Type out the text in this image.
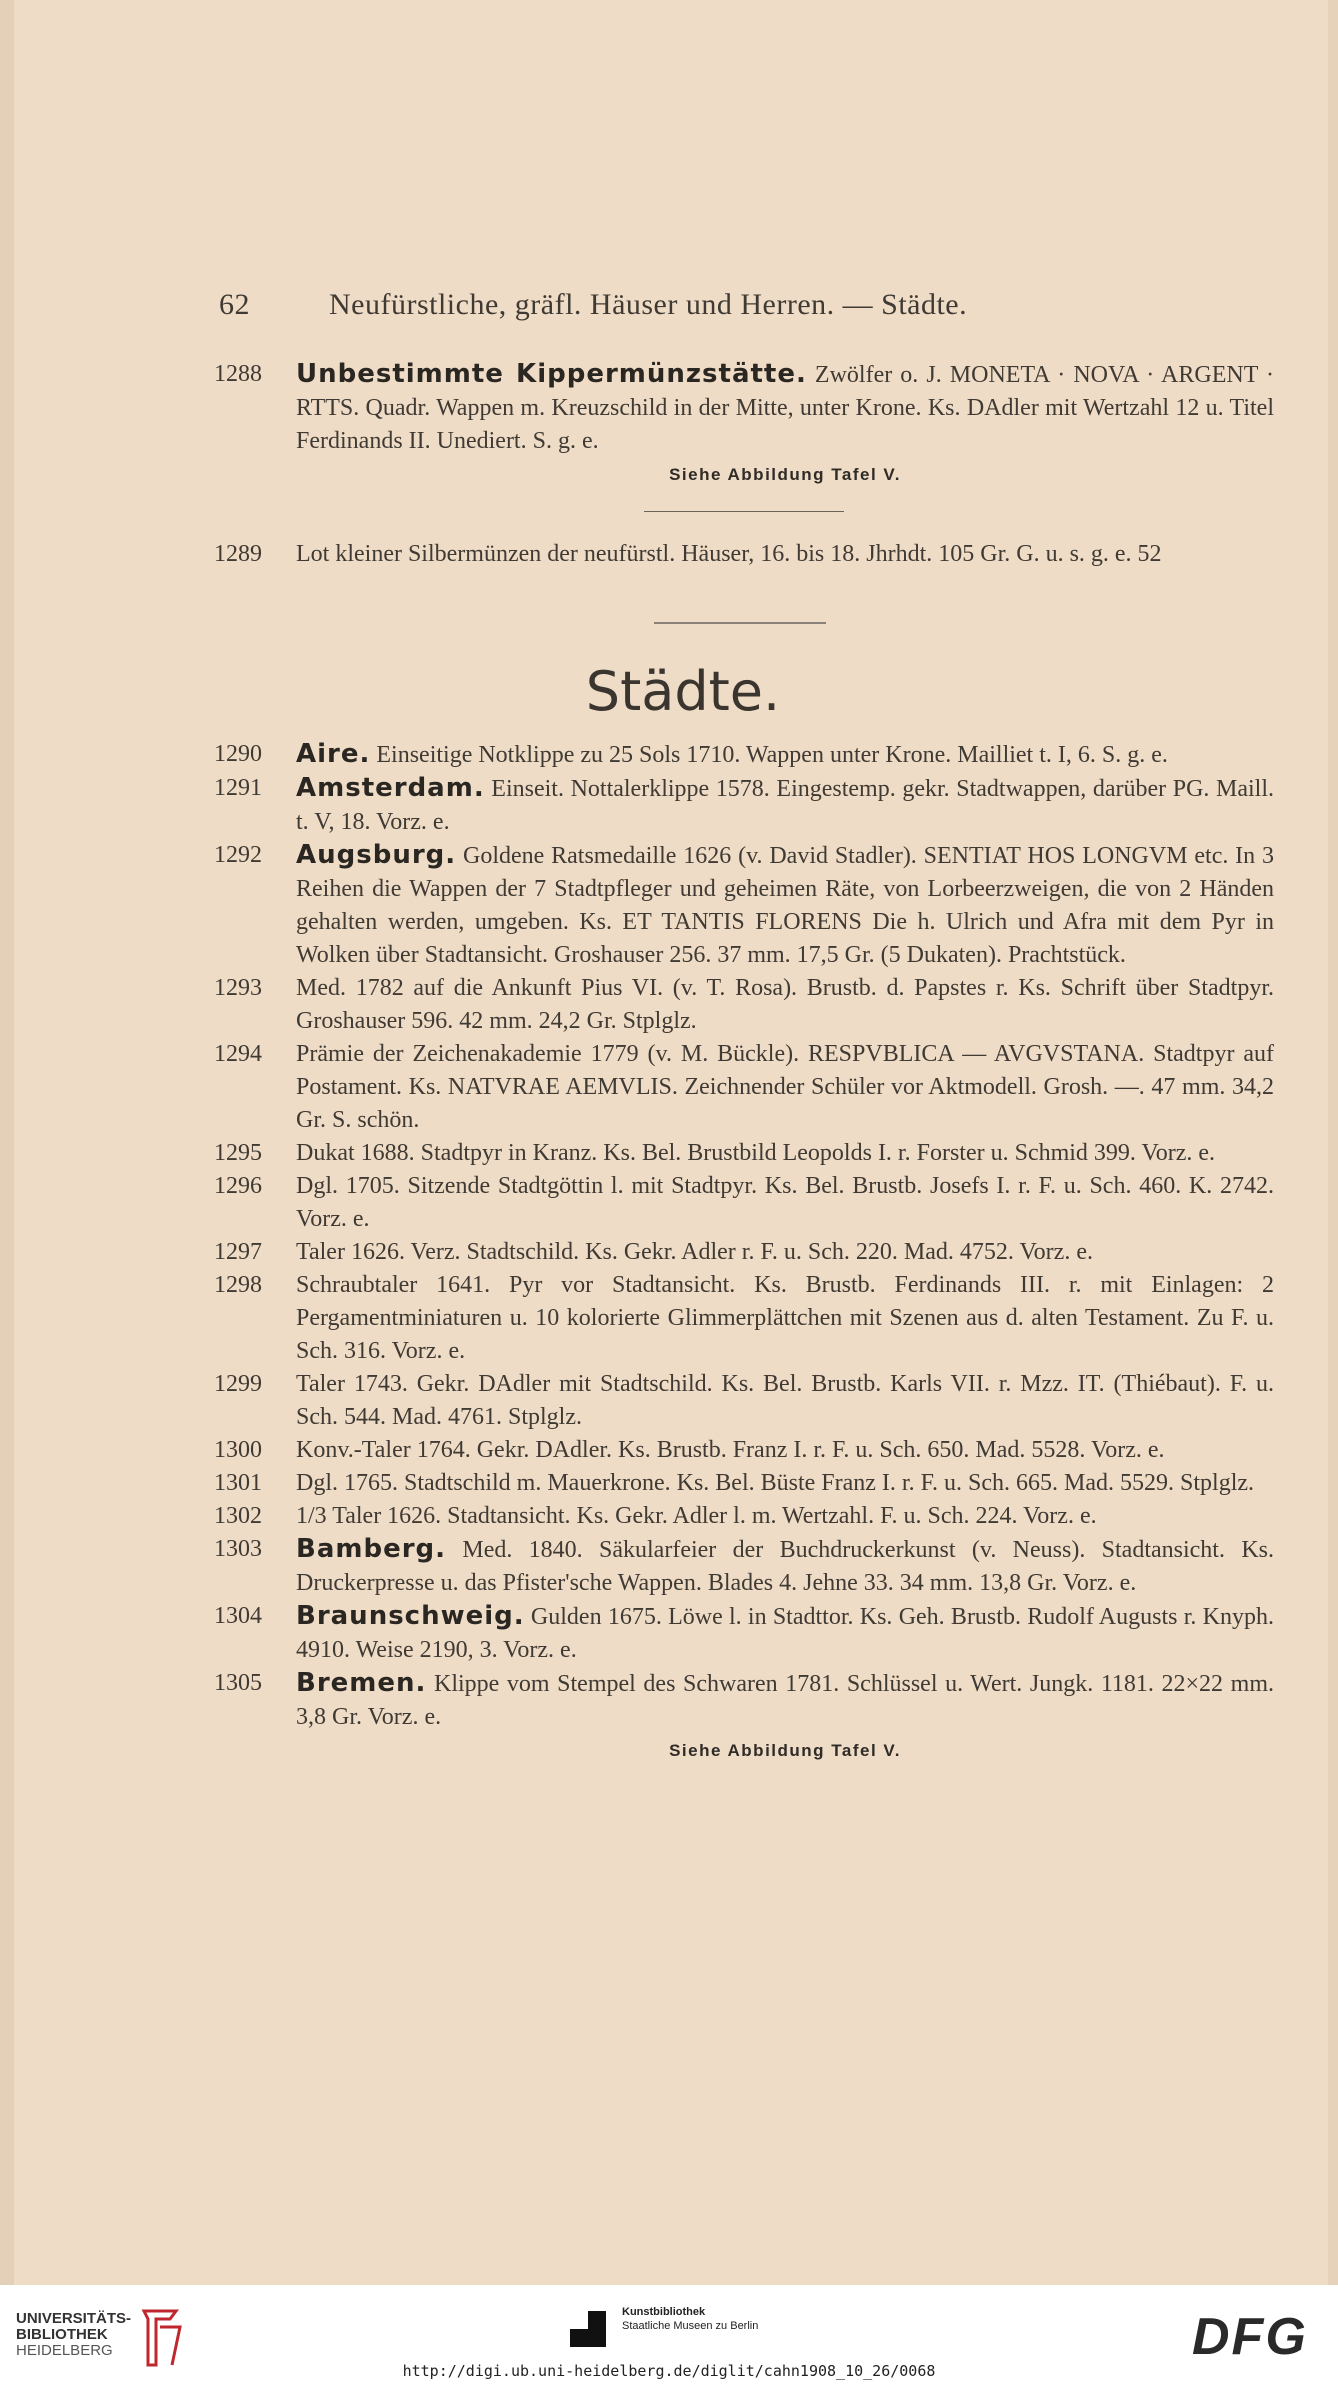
62	Neufürstliche, gräfl. Häuser und Herren. — Städte.
1288 Unbestimmte Kippermünzstätte. Zwölfer o. J. MONETA · NOVA · ARGENT · RTTS. Quadr. Wappen m. Kreuzschild in der Mitte, unter Krone. Ks. DAdler mit Wertzahl 12 u. Titel Ferdinands II. Unediert. S. g. e.
Siehe Abbildung Tafel V.
1289 Lot kleiner Silbermünzen der neufürstl. Häuser, 16. bis 18. Jhrhdt. 105 Gr. G. u. s. g. e. 52
Städte.
1290 Aire. Einseitige Notklippe zu 25 Sols 1710. Wappen unter Krone. Mailliet t. I, 6. S. g. e.
1291 Amsterdam. Einseit. Nottalerklippe 1578. Eingestemp. gekr. Stadtwappen, darüber PG. Maill. t. V, 18. Vorz. e.
1292 Augsburg. Goldene Ratsmedaille 1626 (v. David Stadler). SENTIAT HOS LONGVM etc. In 3 Reihen die Wappen der 7 Stadtpfleger und geheimen Räte, von Lorbeerzweigen, die von 2 Händen gehalten werden, umgeben. Ks. ET TANTIS FLORENS Die h. Ulrich und Afra mit dem Pyr in Wolken über Stadtansicht. Groshauser 256. 37 mm. 17,5 Gr. (5 Dukaten). Prachtstück.
1293 Med. 1782 auf die Ankunft Pius VI. (v. T. Rosa). Brustb. d. Papstes r. Ks. Schrift über Stadtpyr. Groshauser 596. 42 mm. 24,2 Gr. Stplglz.
1294 Prämie der Zeichenakademie 1779 (v. M. Bückle). RESPVBLICA — AVGVSTANA. Stadtpyr auf Postament. Ks. NATVRAE AEMVLIS. Zeichnender Schüler vor Aktmodell. Grosh. —. 47 mm. 34,2 Gr. S. schön.
1295 Dukat 1688. Stadtpyr in Kranz. Ks. Bel. Brustbild Leopolds I. r. Forster u. Schmid 399. Vorz. e.
1296 Dgl. 1705. Sitzende Stadtgöttin l. mit Stadtpyr. Ks. Bel. Brustb. Josefs I. r. F. u. Sch. 460. K. 2742. Vorz. e.
1297 Taler 1626. Verz. Stadtschild. Ks. Gekr. Adler r. F. u. Sch. 220. Mad. 4752. Vorz. e.
1298 Schraubtaler 1641. Pyr vor Stadtansicht. Ks. Brustb. Ferdinands III. r. mit Einlagen: 2 Pergamentminiaturen u. 10 kolorierte Glimmerplättchen mit Szenen aus d. alten Testament. Zu F. u. Sch. 316. Vorz. e.
1299 Taler 1743. Gekr. DAdler mit Stadtschild. Ks. Bel. Brustb. Karls VII. r. Mzz. IT. (Thiébaut). F. u. Sch. 544. Mad. 4761. Stplglz.
1300 Konv.-Taler 1764. Gekr. DAdler. Ks. Brustb. Franz I. r. F. u. Sch. 650. Mad. 5528. Vorz. e.
1301 Dgl. 1765. Stadtschild m. Mauerkrone. Ks. Bel. Büste Franz I. r. F. u. Sch. 665. Mad. 5529. Stplglz.
1302 1/3 Taler 1626. Stadtansicht. Ks. Gekr. Adler l. m. Wertzahl. F. u. Sch. 224. Vorz. e.
1303 Bamberg. Med. 1840. Säkularfeier der Buchdruckerkunst (v. Neuss). Stadtansicht. Ks. Druckerpresse u. das Pfister'sche Wappen. Blades 4. Jehne 33. 34 mm. 13,8 Gr. Vorz. e.
1304 Braunschweig. Gulden 1675. Löwe l. in Stadttor. Ks. Geh. Brustb. Rudolf Augusts r. Knyph. 4910. Weise 2190, 3. Vorz. e.
1305 Bremen. Klippe vom Stempel des Schwaren 1781. Schlüssel u. Wert. Jungk. 1181. 22×22 mm. 3,8 Gr. Vorz. e.
Siehe Abbildung Tafel V.
UNIVERSITÄTS-
BIBLIOTHEK
HEIDELBERG
Kunstbibliothek
Staatliche Museen zu Berlin	DFG
http://digi.ub.uni-heidelberg.de/diglit/cahn1908_10_26/0068
